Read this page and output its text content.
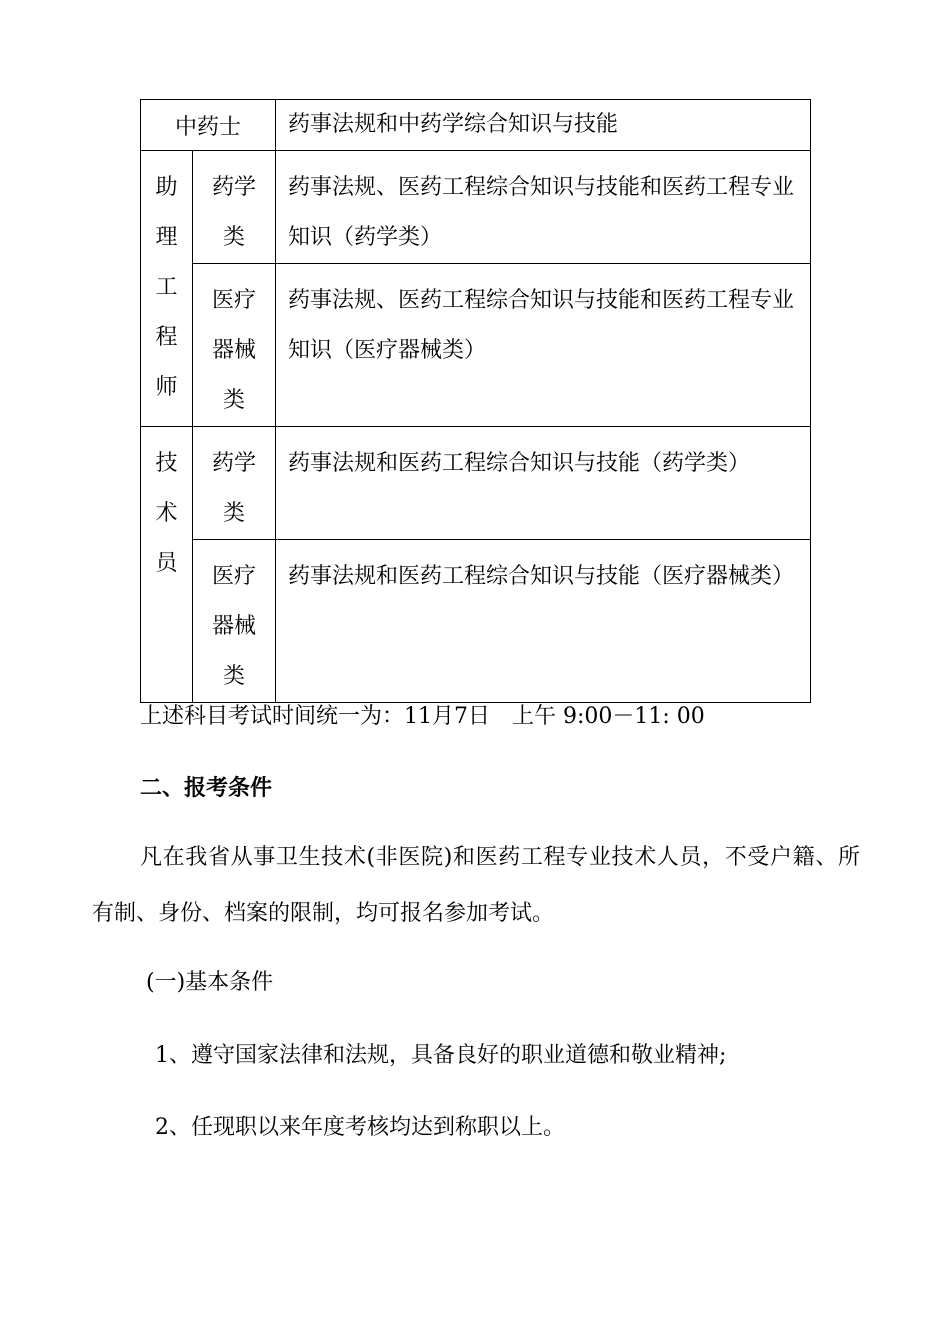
中药士		药事法规和中药学综合知识与技能

助理工程师	药学类	药事法规、医药工程综合知识与技能和医药工程专业知识（药学类）

	医疗器械类	药事法规、医药工程综合知识与技能和医药工程专业知识（医疗器械类）

技术员	药学类	药事法规和医药工程综合知识与技能（药学类）

	医疗器械类	药事法规和医药工程综合知识与技能（医疗器械类）
上述科目考试时间统一为：11月7日　上午 9:00－11: 00
二、报考条件
凡在我省从事卫生技术(非医院)和医药工程专业技术人员，不受户籍、所有制、身份、档案的限制，均可报名参加考试。
(一)基本条件
1、遵守国家法律和法规，具备良好的职业道德和敬业精神;
2、任现职以来年度考核均达到称职以上。
